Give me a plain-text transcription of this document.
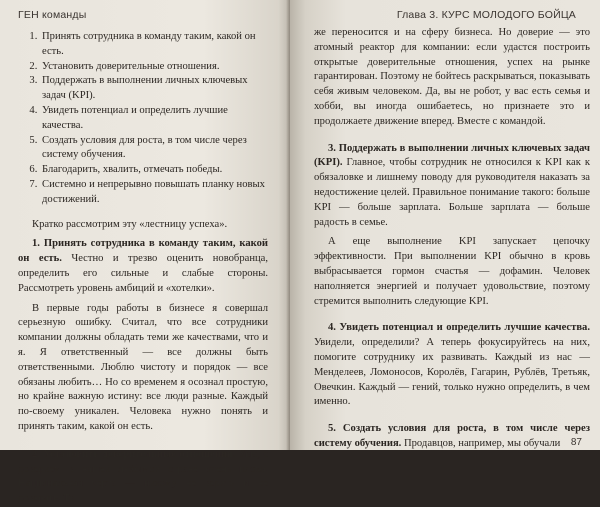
ГЕН команды
1. Принять сотрудника в команду таким, какой он есть.
2. Установить доверительные отношения.
3. Поддержать в выполнении личных ключевых задач (KPI).
4. Увидеть потенциал и определить лучшие качества.
5. Создать условия для роста, в том числе через систему обучения.
6. Благодарить, хвалить, отмечать победы.
7. Системно и непрерывно повышать планку новых достижений.

Кратко рассмотрим эту «лестницу успеха».

1. Принять сотрудника в команду таким, какой он есть. Честно и трезво оценить новобранца, определить его сильные и слабые стороны. Рассмотреть уровень амбиций и «хотелки».

В первые годы работы в бизнесе я совершал серьезную ошибку. Считал, что все сотрудники компании должны обладать теми же качествами, что и я. Я ответственный — все должны быть ответственными. Люблю чистоту и порядок — все обязаны любить… Но со временем я осознал простую, но крайне важную истину: все люди разные. Каждый по-своему уникален. Человека нужно понять и принять таким, какой он есть.

2. Установить доверительные отношения. Увы, с доверием в нашей любимой стране очень плохо. Национальная черта — никому не верить и не доверять. То

Глава 3. КУРС МОЛОДОГО БОЙЦА

же переносится и на сферу бизнеса. Но доверие — это атомный реактор для компании: если удастся построить открытые доверительные отношения, успех на рынке гарантирован. Поэтому не бойтесь раскрываться, показывать себя живым человеком. Да, вы не робот, у вас есть семья и хобби, вы иногда ошибаетесь, но признаете это и продолжаете движение вперед. Вместе с командой.

3. Поддержать в выполнении личных ключевых задач (KPI). Главное, чтобы сотрудник не относился к KPI как к обязаловке и лишнему поводу для руководителя наказать за недостижение целей. Правильное понимание такого: больше KPI — больше зарплата. Больше зарплата — больше радость в семье.

А еще выполнение KPI запускает цепочку эффективности. При выполнении KPI обычно в кровь выбрасывается гормон счастья — дофамин. Человек наполняется энергией и получает удовольствие, поэтому стремится выполнить следующие KPI.

4. Увидеть потенциал и определить лучшие качества. Увидели, определили? А теперь фокусируйтесь на них, помогите сотруднику их развивать. Каждый из нас — Менделеев, Ломоносов, Королёв, Гагарин, Рублёв, Третьяк, Овечкин. Каждый — гений, только нужно определить, в чем именно.

5. Создать условия для роста, в том числе через систему обучения. Продавцов, например, мы обучали	87
